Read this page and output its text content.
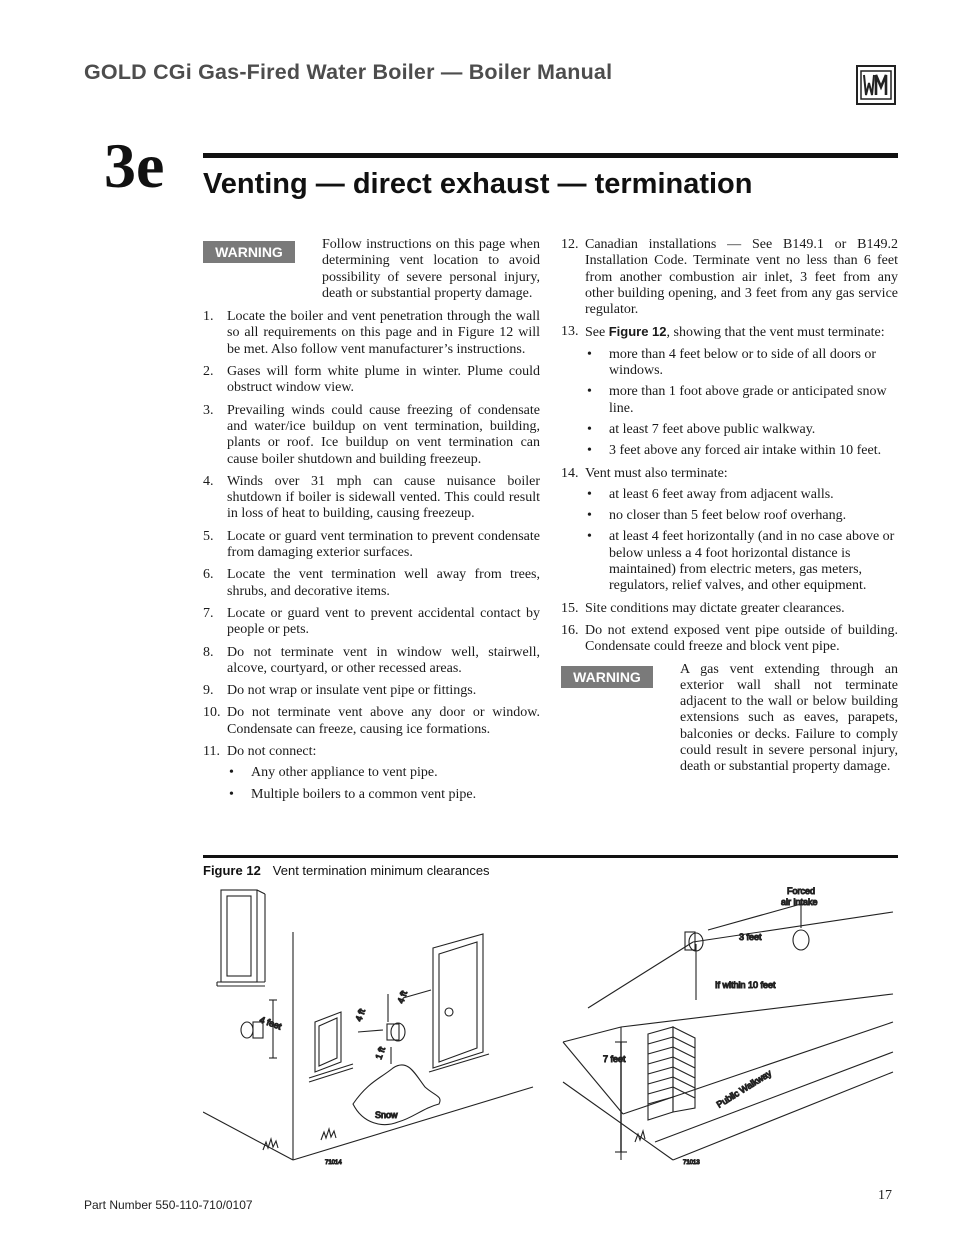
GOLD CGi Gas-Fired Water Boiler — Boiler Manual
3e Venting — direct exhaust — termination
WARNING	Follow instructions on this page when determining vent location to avoid possibility of severe personal injury, death or substantial property damage.
1. Locate the boiler and vent penetration through the wall so all requirements on this page and in Figure 12 will be met. Also follow vent manufacturer’s instructions.
2. Gases will form white plume in winter. Plume could obstruct window view.
3. Prevailing winds could cause freezing of condensate and water/ice buildup on vent termination, building, plants or roof. Ice buildup on vent termination can cause boiler shutdown and building freezeup.
4. Winds over 31 mph can cause nuisance boiler shutdown if boiler is sidewall vented. This could result in loss of heat to building, causing freezeup.
5. Locate or guard vent termination to prevent condensate from damaging exterior surfaces.
6. Locate the vent termination well away from trees, shrubs, and decorative items.
7. Locate or guard vent to prevent accidental contact by people or pets.
8. Do not terminate vent in window well, stairwell, alcove, courtyard, or other recessed areas.
9. Do not wrap or insulate vent pipe or fittings.
10. Do not terminate vent above any door or window. Condensate can freeze, causing ice formations.
11. Do not connect:
• Any other appliance to vent pipe.
• Multiple boilers to a common vent pipe.
12. Canadian installations — See B149.1 or B149.2 Installation Code. Terminate vent no less than 6 feet from another combustion air inlet, 3 feet from any other building opening, and 3 feet from any gas service regulator.
13. See Figure 12, showing that the vent must terminate:
• more than 4 feet below or to side of all doors or windows.
• more than 1 foot above grade or anticipated snow line.
• at least 7 feet above public walkway.
• 3 feet above any forced air intake within 10 feet.
14. Vent must also terminate:
• at least 6 feet away from adjacent walls.
• no closer than 5 feet below roof overhang.
• at least 4 feet horizontally (and in no case above or below unless a 4 foot horizontal distance is maintained) from electric meters, gas meters, regulators, relief valves, and other equipment.
15. Site conditions may dictate greater clearances.
16. Do not extend exposed vent pipe outside of building. Condensate could freeze and block vent pipe.
WARNING	A gas vent extending through an exterior wall shall not terminate adjacent to the wall or below building extensions such as eaves, parapets, balconies or decks. Failure to comply could result in severe personal injury, death or substantial property damage.
Figure 12 Vent termination minimum clearances
4 feet	4 ft
4 ft
1 ft
Snow
71014
Forced
air intake
3 feet
If within 10 feet
7 feet
Public Walkway
71013
Part Number 550-110-710/0107
17
